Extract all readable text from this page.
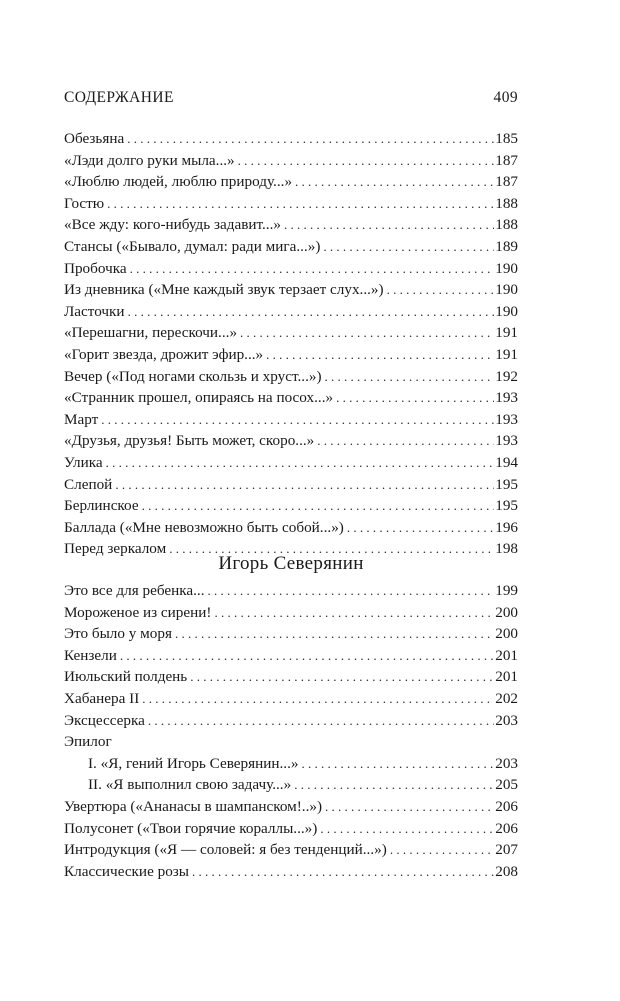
СОДЕРЖАНИЕ	409
Обезьяна . . .	185
«Лэди долго руки мыла...» . . .	187
«Люблю людей, люблю природу...» . . .	187
Гостю . . .	188
«Все жду: кого-нибудь задавит...» . . .	188
Стансы («Бывало, думал: ради мига...») . . .	189
Пробочка . . .	190
Из дневника («Мне каждый звук терзает слух...») . . .	190
Ласточки . . .	190
«Перешагни, перескочи...» . . .	191
«Горит звезда, дрожит эфир...» . . .	191
Вечер («Под ногами скользь и хруст...») . . .	192
«Странник прошел, опираясь на посох...» . . .	193
Март . . .	193
«Друзья, друзья! Быть может, скоро...» . . .	193
Улика . . .	194
Слепой . . .	195
Берлинское . . .	195
Баллада («Мне невозможно быть собой...») . . .	196
Перед зеркалом . . .	198
Игорь Северянин
Это все для ребенка... . . .	199
Мороженое из сирени! . . .	200
Это было у моря . . .	200
Кензели . . .	201
Июльский полдень . . .	201
Хабанера II . . .	202
Эксцессерка . . .	203
Эпилог
I. «Я, гений Игорь Северянин...» . . .	203
II. «Я выполнил свою задачу...» . . .	205
Увертюра («Ананасы в шампанском!..») . . .	206
Полусонет («Твои горячие кораллы...») . . .	206
Интродукция («Я — соловей: я без тенденций...») . . .	207
Классические розы . . .	208
